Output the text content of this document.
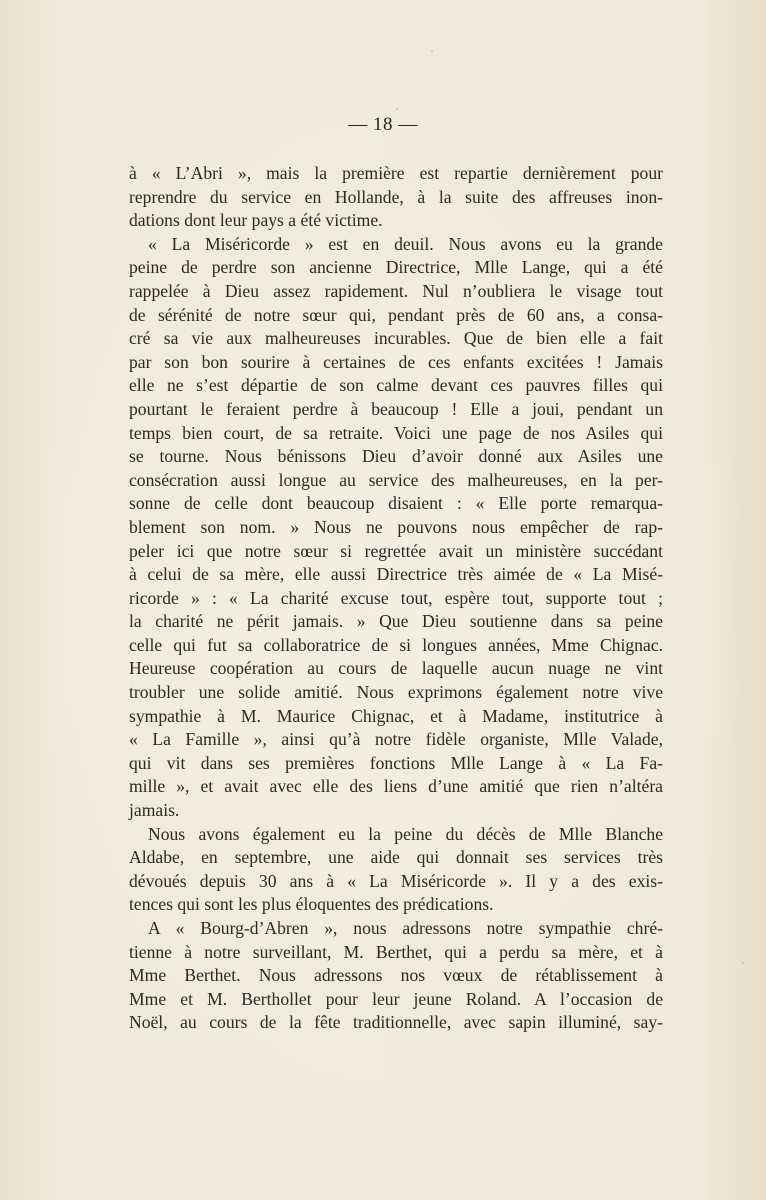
— 18 —
à « L’Abri », mais la première est repartie dernièrement pour
reprendre du service en Hollande, à la suite des affreuses inon-
dations dont leur pays a été victime.
« La Miséricorde » est en deuil. Nous avons eu la grande
peine de perdre son ancienne Directrice, Mlle Lange, qui a été
rappelée à Dieu assez rapidement. Nul n’oubliera le visage tout
de sérénité de notre sœur qui, pendant près de 60 ans, a consa-
cré sa vie aux malheureuses incurables. Que de bien elle a fait
par son bon sourire à certaines de ces enfants excitées ! Jamais
elle ne s’est départie de son calme devant ces pauvres filles qui
pourtant le feraient perdre à beaucoup ! Elle a joui, pendant un
temps bien court, de sa retraite. Voici une page de nos Asiles qui
se tourne. Nous bénissons Dieu d’avoir donné aux Asiles une
consécration aussi longue au service des malheureuses, en la per-
sonne de celle dont beaucoup disaient : « Elle porte remarqua-
blement son nom. » Nous ne pouvons nous empêcher de rap-
peler ici que notre sœur si regrettée avait un ministère succédant
à celui de sa mère, elle aussi Directrice très aimée de « La Misé-
ricorde » : « La charité excuse tout, espère tout, supporte tout ;
la charité ne périt jamais. » Que Dieu soutienne dans sa peine
celle qui fut sa collaboratrice de si longues années, Mme Chignac.
Heureuse coopération au cours de laquelle aucun nuage ne vint
troubler une solide amitié. Nous exprimons également notre vive
sympathie à M. Maurice Chignac, et à Madame, institutrice à
« La Famille », ainsi qu’à notre fidèle organiste, Mlle Valade,
qui vit dans ses premières fonctions Mlle Lange à « La Fa-
mille », et avait avec elle des liens d’une amitié que rien n’altéra
jamais.
Nous avons également eu la peine du décès de Mlle Blanche
Aldabe, en septembre, une aide qui donnait ses services très
dévoués depuis 30 ans à « La Miséricorde ». Il y a des exis-
tences qui sont les plus éloquentes des prédications.
A « Bourg-d’Abren », nous adressons notre sympathie chré-
tienne à notre surveillant, M. Berthet, qui a perdu sa mère, et à
Mme Berthet. Nous adressons nos vœux de rétablissement à
Mme et M. Berthollet pour leur jeune Roland. A l’occasion de
Noël, au cours de la fête traditionnelle, avec sapin illuminé, say-
